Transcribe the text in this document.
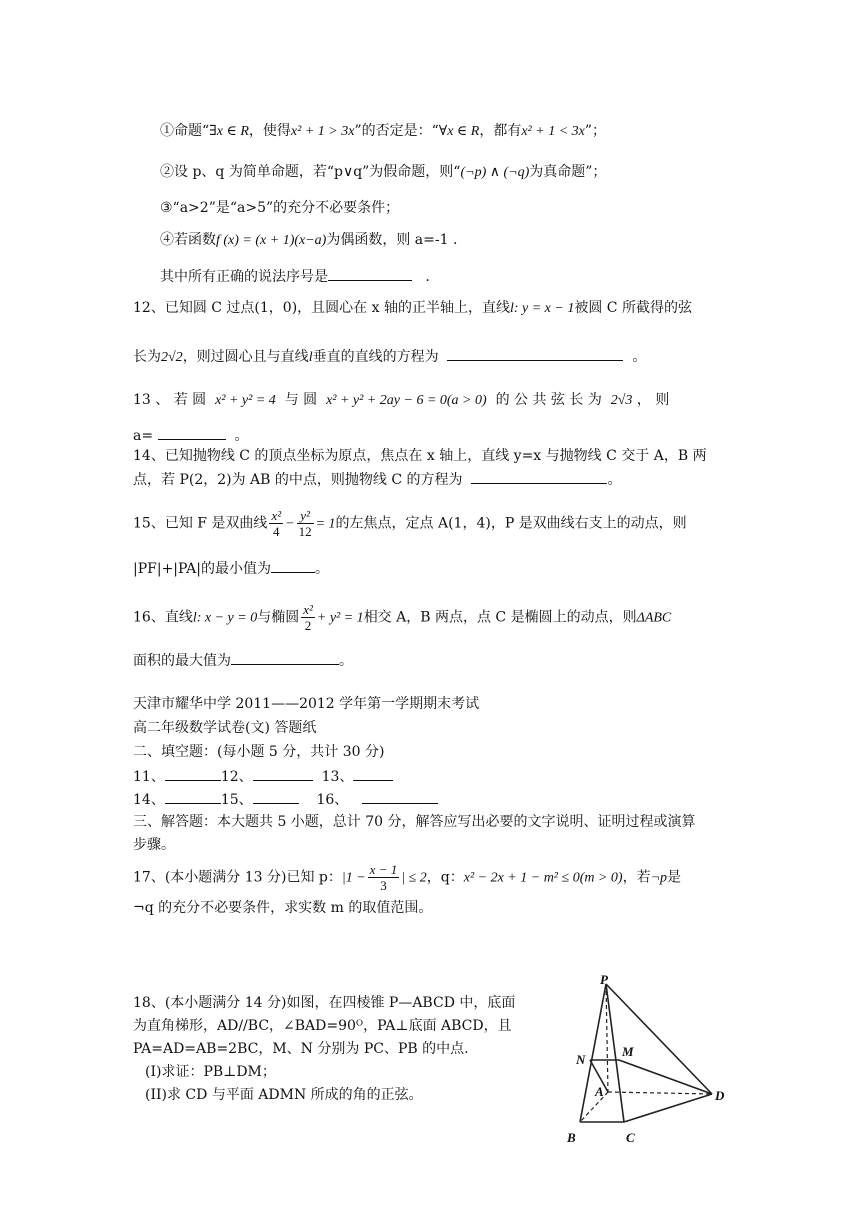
①命题“∃x ∈ R，使得x² + 1 > 3x”的否定是：“∀x ∈ R，都有x² + 1 < 3x”；
②设 p、q 为简单命题，若“p∨q”为假命题，则“(¬p) ∧ (¬q)为真命题”；
③“a>2”是“a>5”的充分不必要条件；
④若函数f (x) = (x + 1)(x−a)为偶函数，则 a=-1 .
其中所有正确的说法序号是	.
12、已知圆 C 过点(1，0)，且圆心在 x 轴的正半轴上，直线l: y = x − 1被圆 C 所截得的弦
长为2√2，则过圆心且与直线l垂直的直线的方程为	。
13 、 若 圆 x² + y² = 4 与 圆 x² + y² + 2ay − 6 = 0(a > 0) 的 公 共 弦 长 为 2√3 ， 则
a=	。
14、已知抛物线 C 的顶点坐标为原点，焦点在 x 轴上，直线 y=x 与抛物线 C 交于 A，B 两
点，若 P(2，2)为 AB 的中点，则抛物线 C 的方程为	。
15、已知 F 是双曲线 $\frac{\text{x²}}{4} - \frac{\text{y²}}{12} = 1$的左焦点，定点 A(1，4)，P 是双曲线右支上的动点，则
|PF|+|PA|的最小值为	。
16、直线l: x − y = 0与椭圆 $\frac{\text{x²}}{2} + y^2 = 1$相交 A，B 两点，点 C 是椭圆上的动点，则ΔABC
面积的最大值为	。
天津市耀华中学 2011——2012 学年第一学期期末考试
高二年级数学试卷(文) 答题纸
二、填空题：(每小题 5 分，共计 30 分)
11、	12、	13、
14、	15、	16、
三、解答题：本大题共 5 小题，总计 70 分，解答应写出必要的文字说明、证明过程或演算
步骤。
17、(本小题满分 13 分)已知 p：$|1 - \frac{x - 1}{3}$ | ≤ 2，q：x² − 2x + 1 − m² ≤ 0(m > 0)，若¬p是
¬q 的充分不必要条件，求实数 m 的取值范围。
18、(本小题满分 14 分)如图，在四棱锥 P—ABCD 中，底面
为直角梯形，AD//BC，∠BAD=90ᴼ，PA⊥底面 ABCD，且
PA=AD=AB=2BC，M、N 分别为 PC、PB 的中点.
(I)求证：PB⊥DM；
(II)求 CD 与平面 ADMN 所成的角的正弦。
P
N
M
A	D
B	C
